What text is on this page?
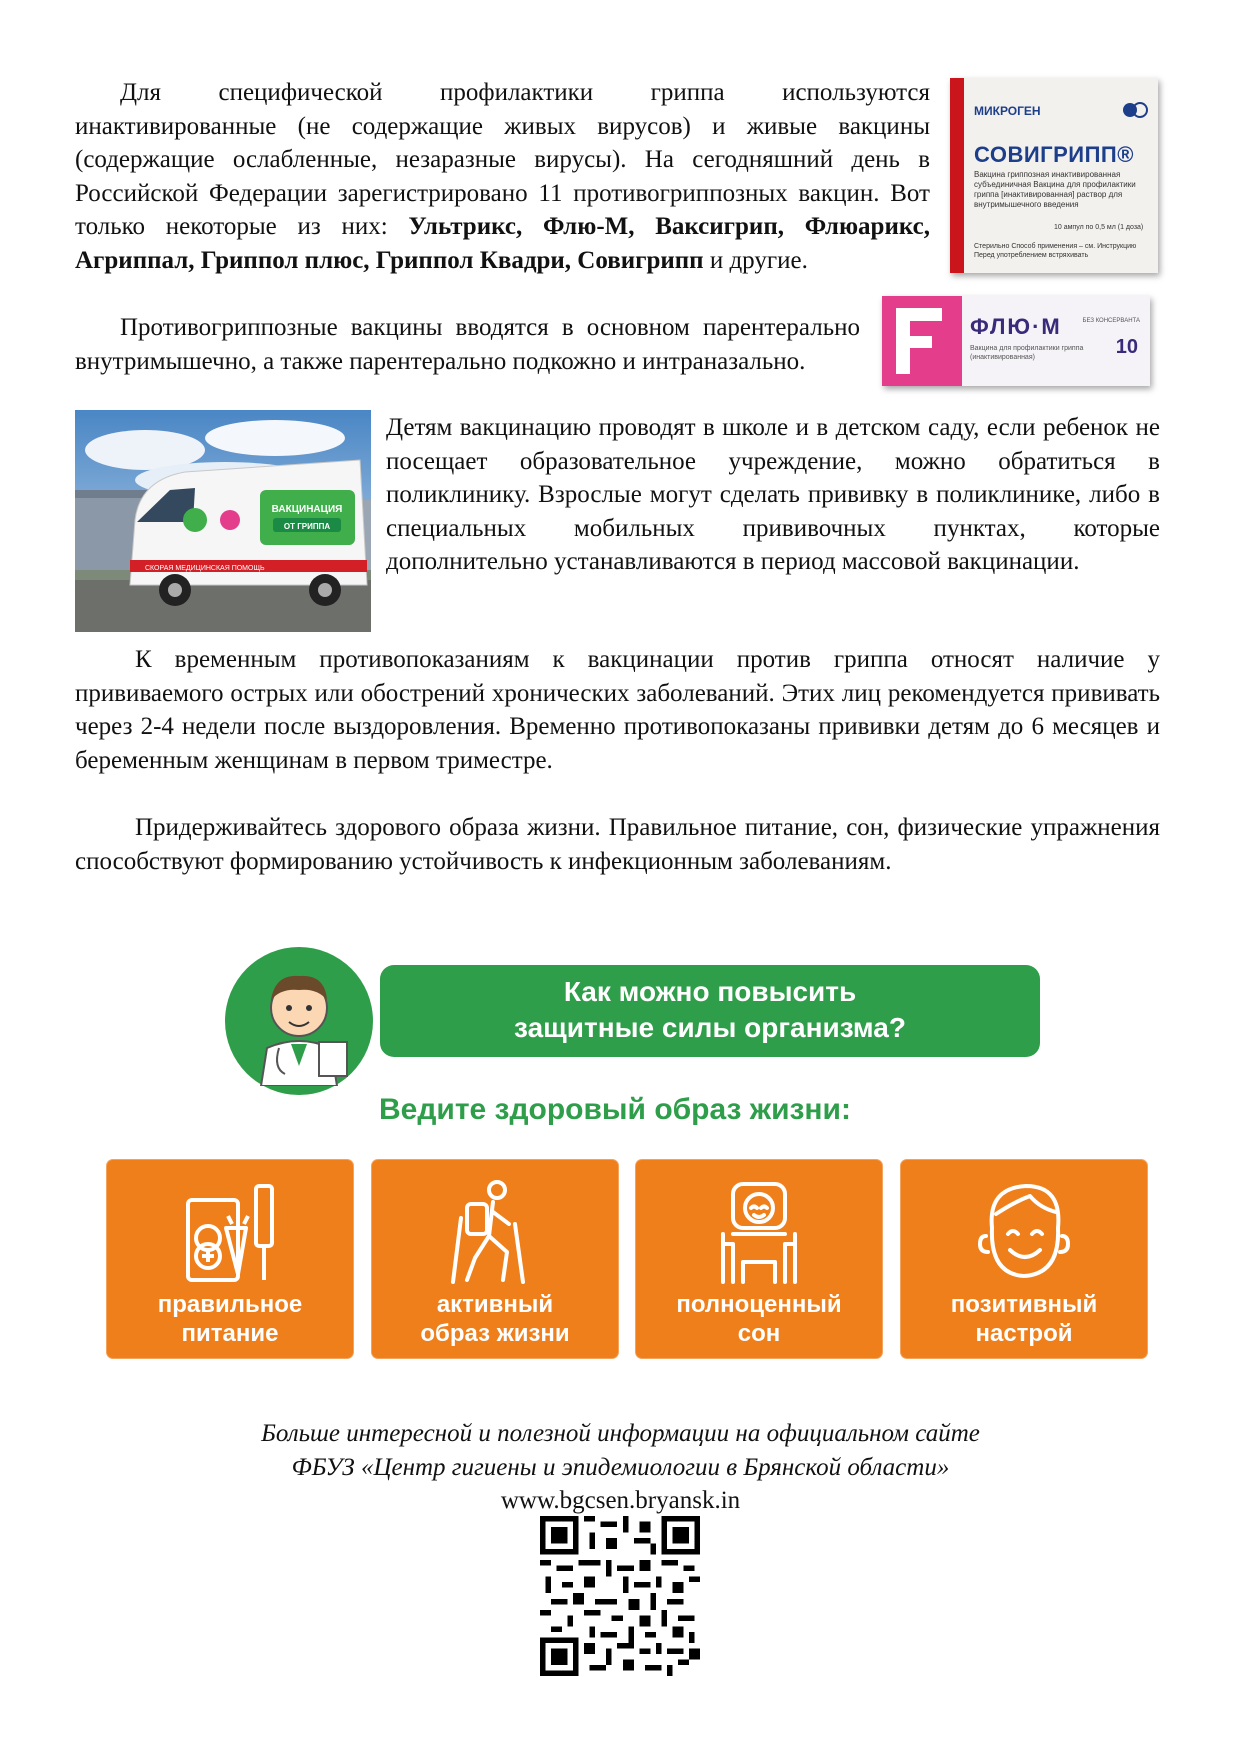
Для специфической профилактики гриппа используются инактивированные (не содержащие живых вирусов) и живые вакцины (содержащие ослабленные, незаразные вирусы). На сегодняшний день в Российской Федерации зарегистрировано 11 противогриппозных вакцин. Вот только некоторые из них: Ультрикс, Флю-М, Ваксигрип, Флюарикс, Агриппал, Гриппол плюс, Гриппол Квадри, Совигрипп и другие.

МИКРОГЕН
СОВИГРИПП®
Вакцина гриппозная инактивированная субъединичная Вакцина для профилактики гриппа [инактивированная] раствор для внутримышечного введения
10 ампул по 0,5 мл (1 доза)
Стерильно Способ применения – см. Инструкцию Перед употреблением встряхивать

Противогриппозные вакцины вводятся в основном парентерально внутримышечно, а также парентерально подкожно и интраназально.

ФЛЮ·М
Вакцина для профилактики гриппа (инактивированная)
БЕЗ КОНСЕРВАНТА
10
ВАКЦИНАЦИЯ
ОТ ГРИППА
СКОРАЯ МЕДИЦИНСКАЯ ПОМОЩЬ

Детям вакцинацию проводят в школе и в детском саду, если ребенок не посещает образовательное учреждение, можно обратиться в поликлинику. Взрослые могут сделать прививку в поликлинике, либо в специальных мобильных прививочных пунктах, которые дополнительно устанавливаются в период массовой вакцинации.

К временным противопоказаниям к вакцинации против гриппа относят наличие у прививаемого острых или обострений хронических заболеваний. Этих лиц рекомендуется прививать через 2-4 недели после выздоровления. Временно противопоказаны прививки детям до 6 месяцев и беременным женщинам в первом триместре.

Придерживайтесь здорового образа жизни. Правильное питание, сон, физические упражнения способствуют формированию устойчивость к инфекционным заболеваниям.

Как можно повысить
защитные силы организма?
Ведите здоровый образ жизни:
правильное
питание
активный
образ жизни
полноценный
сон
позитивный
настрой
Больше интересной и полезной информации на официальном сайте
ФБУЗ «Центр гигиены и эпидемиологии в Брянской области»
www.bgcsen.bryansk.in
